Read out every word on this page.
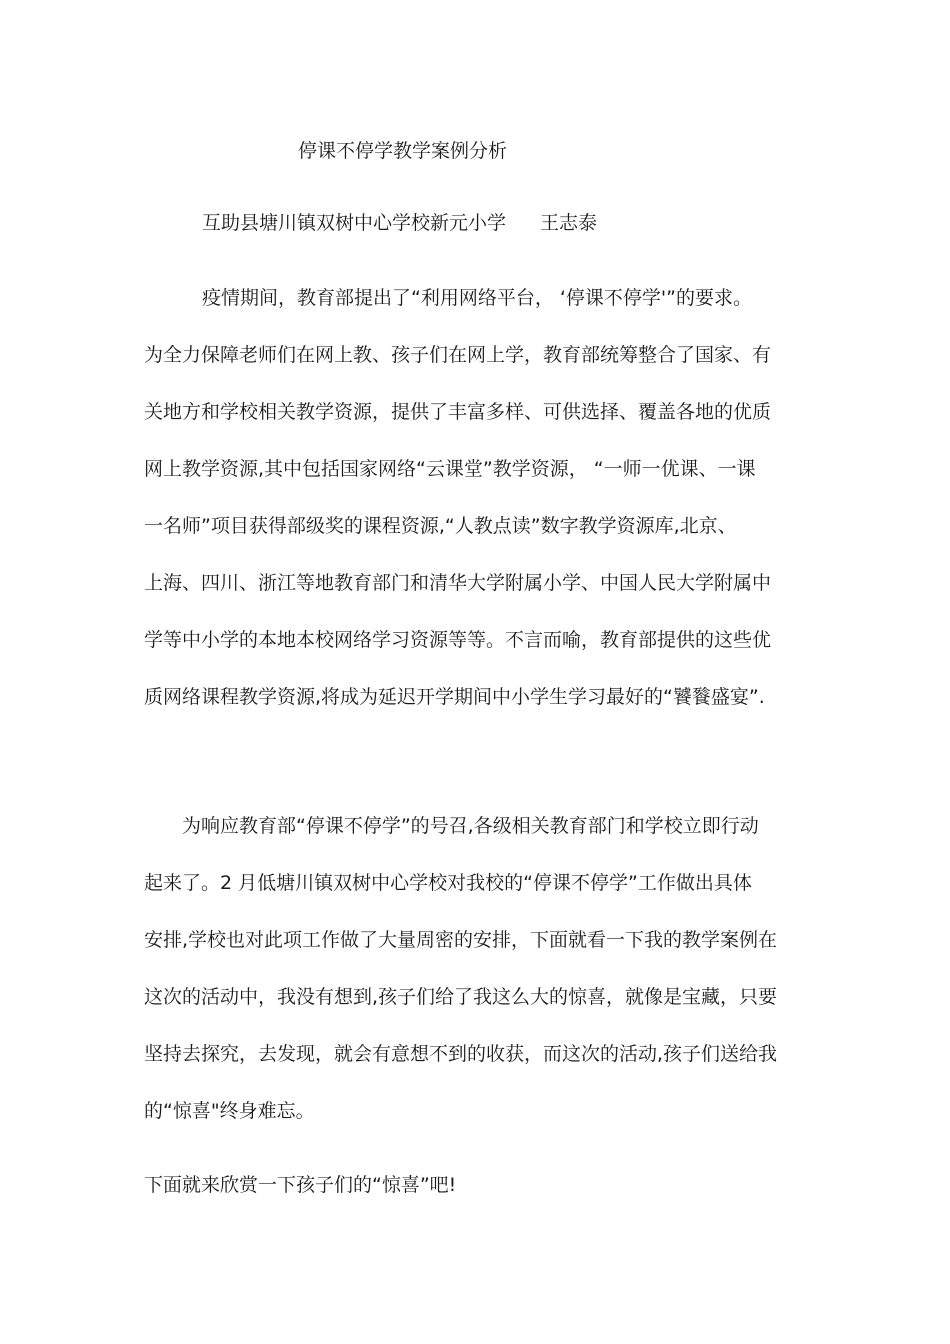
停课不停学教学案例分析
互助县塘川镇双树中心学校新元小学 王志泰
疫情期间，教育部提出了“利用网络平台， ‘停课不停学'”的要求。
为全力保障老师们在网上教、孩子们在网上学，教育部统筹整合了国家、有
关地方和学校相关教学资源，提供了丰富多样、可供选择、覆盖各地的优质
网上教学资源,其中包括国家网络“云课堂”教学资源， “一师一优课、一课
一名师”项目获得部级奖的课程资源,“人教点读”数字教学资源库,北京、
上海、四川、浙江等地教育部门和清华大学附属小学、中国人民大学附属中
学等中小学的本地本校网络学习资源等等。不言而喻，教育部提供的这些优
质网络课程教学资源,将成为延迟开学期间中小学生学习最好的“饕餮盛宴”.
为响应教育部“停课不停学”的号召,各级相关教育部门和学校立即行动
起来了。2 月低塘川镇双树中心学校对我校的“停课不停学”工作做出具体
安排,学校也对此项工作做了大量周密的安排，下面就看一下我的教学案例在
这次的活动中，我没有想到,孩子们给了我这么大的惊喜，就像是宝藏，只要
坚持去探究，去发现，就会有意想不到的收获，而这次的活动,孩子们送给我
的“惊喜"终身难忘。
下面就来欣赏一下孩子们的“惊喜”吧!
